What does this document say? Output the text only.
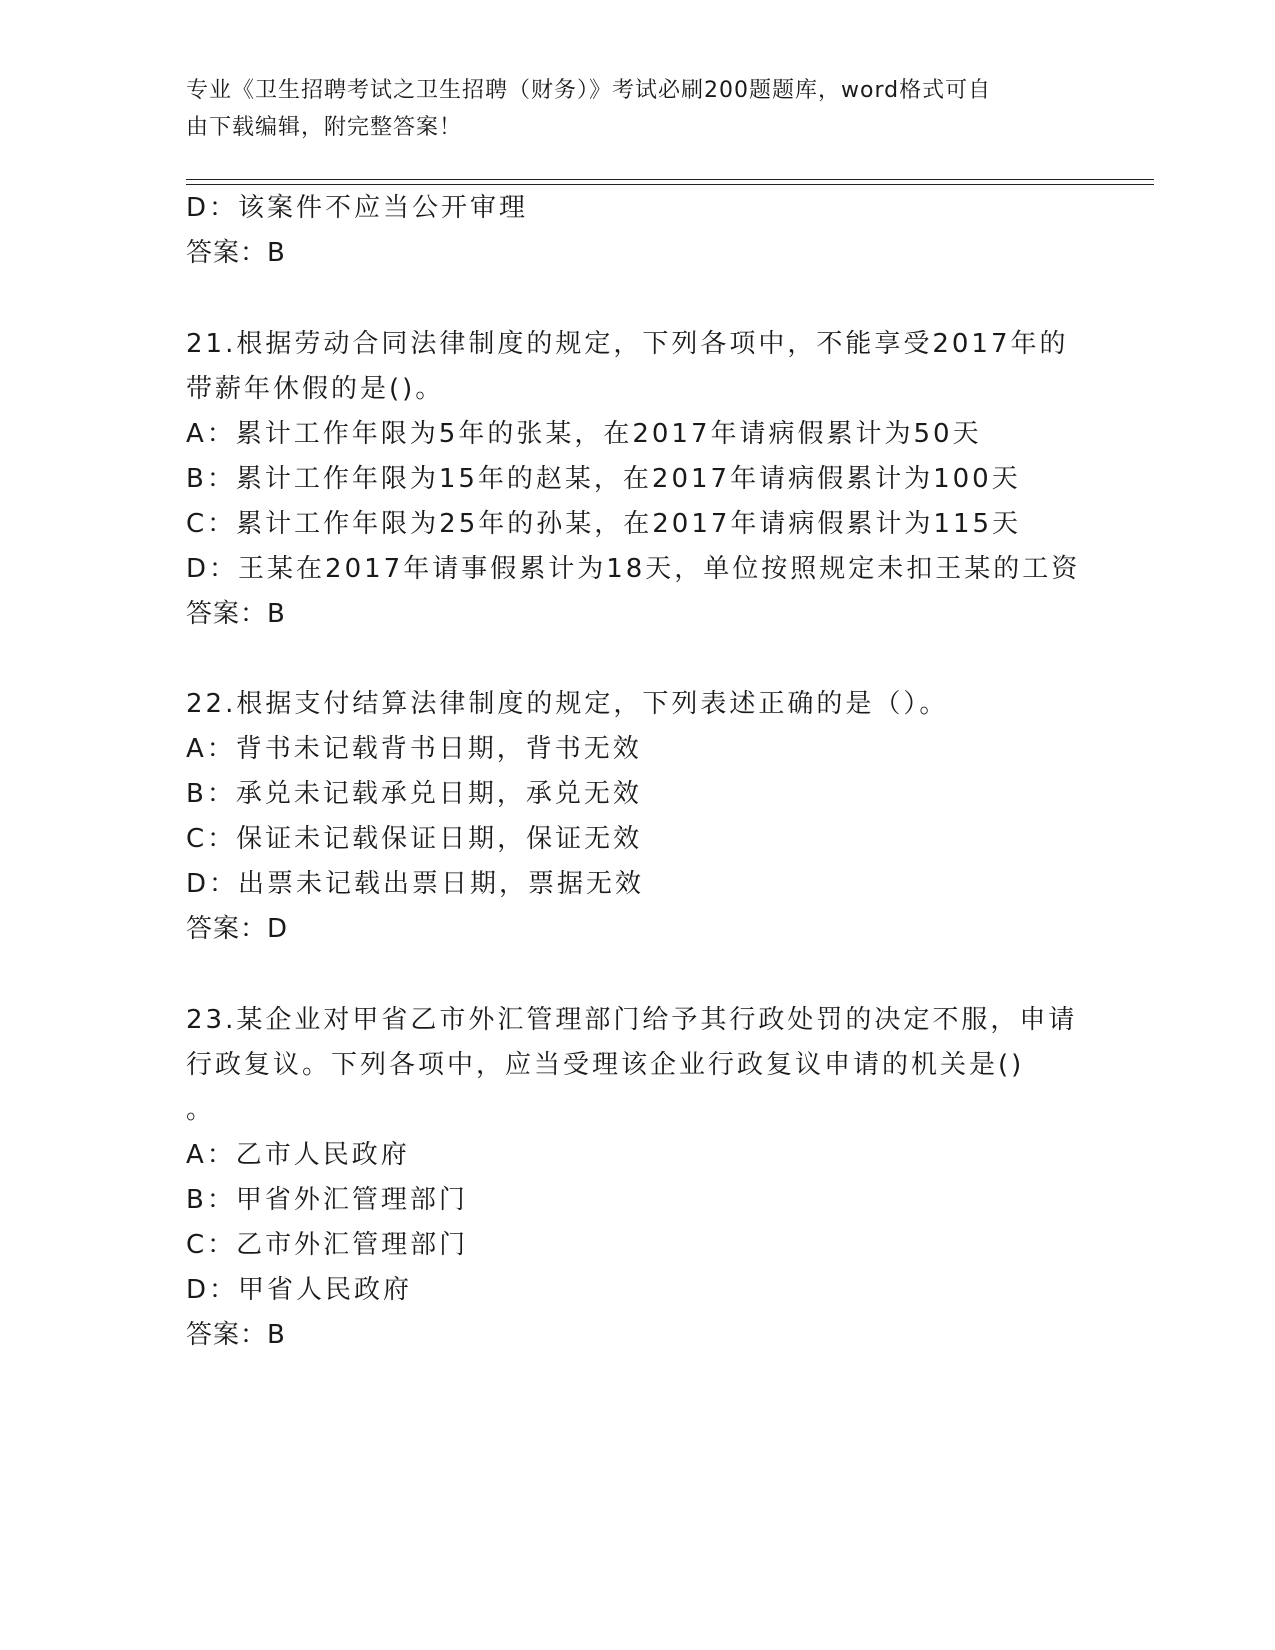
专业《卫生招聘考试之卫生招聘（财务）》考试必刷200题题库，word格式可自
由下载编辑，附完整答案！
D：该案件不应当公开审理
答案：B
21.根据劳动合同法律制度的规定，下列各项中，不能享受2017年的
带薪年休假的是()。
A：累计工作年限为5年的张某，在2017年请病假累计为50天
B：累计工作年限为15年的赵某，在2017年请病假累计为100天
C：累计工作年限为25年的孙某，在2017年请病假累计为115天
D：王某在2017年请事假累计为18天，单位按照规定未扣王某的工资
答案：B
22.根据支付结算法律制度的规定，下列表述正确的是（）。
A：背书未记载背书日期，背书无效
B：承兑未记载承兑日期，承兑无效
C：保证未记载保证日期，保证无效
D：出票未记载出票日期，票据无效
答案：D
23.某企业对甲省乙市外汇管理部门给予其行政处罚的决定不服，申请
行政复议。下列各项中，应当受理该企业行政复议申请的机关是()
。
A：乙市人民政府
B：甲省外汇管理部门
C：乙市外汇管理部门
D：甲省人民政府
答案：B
